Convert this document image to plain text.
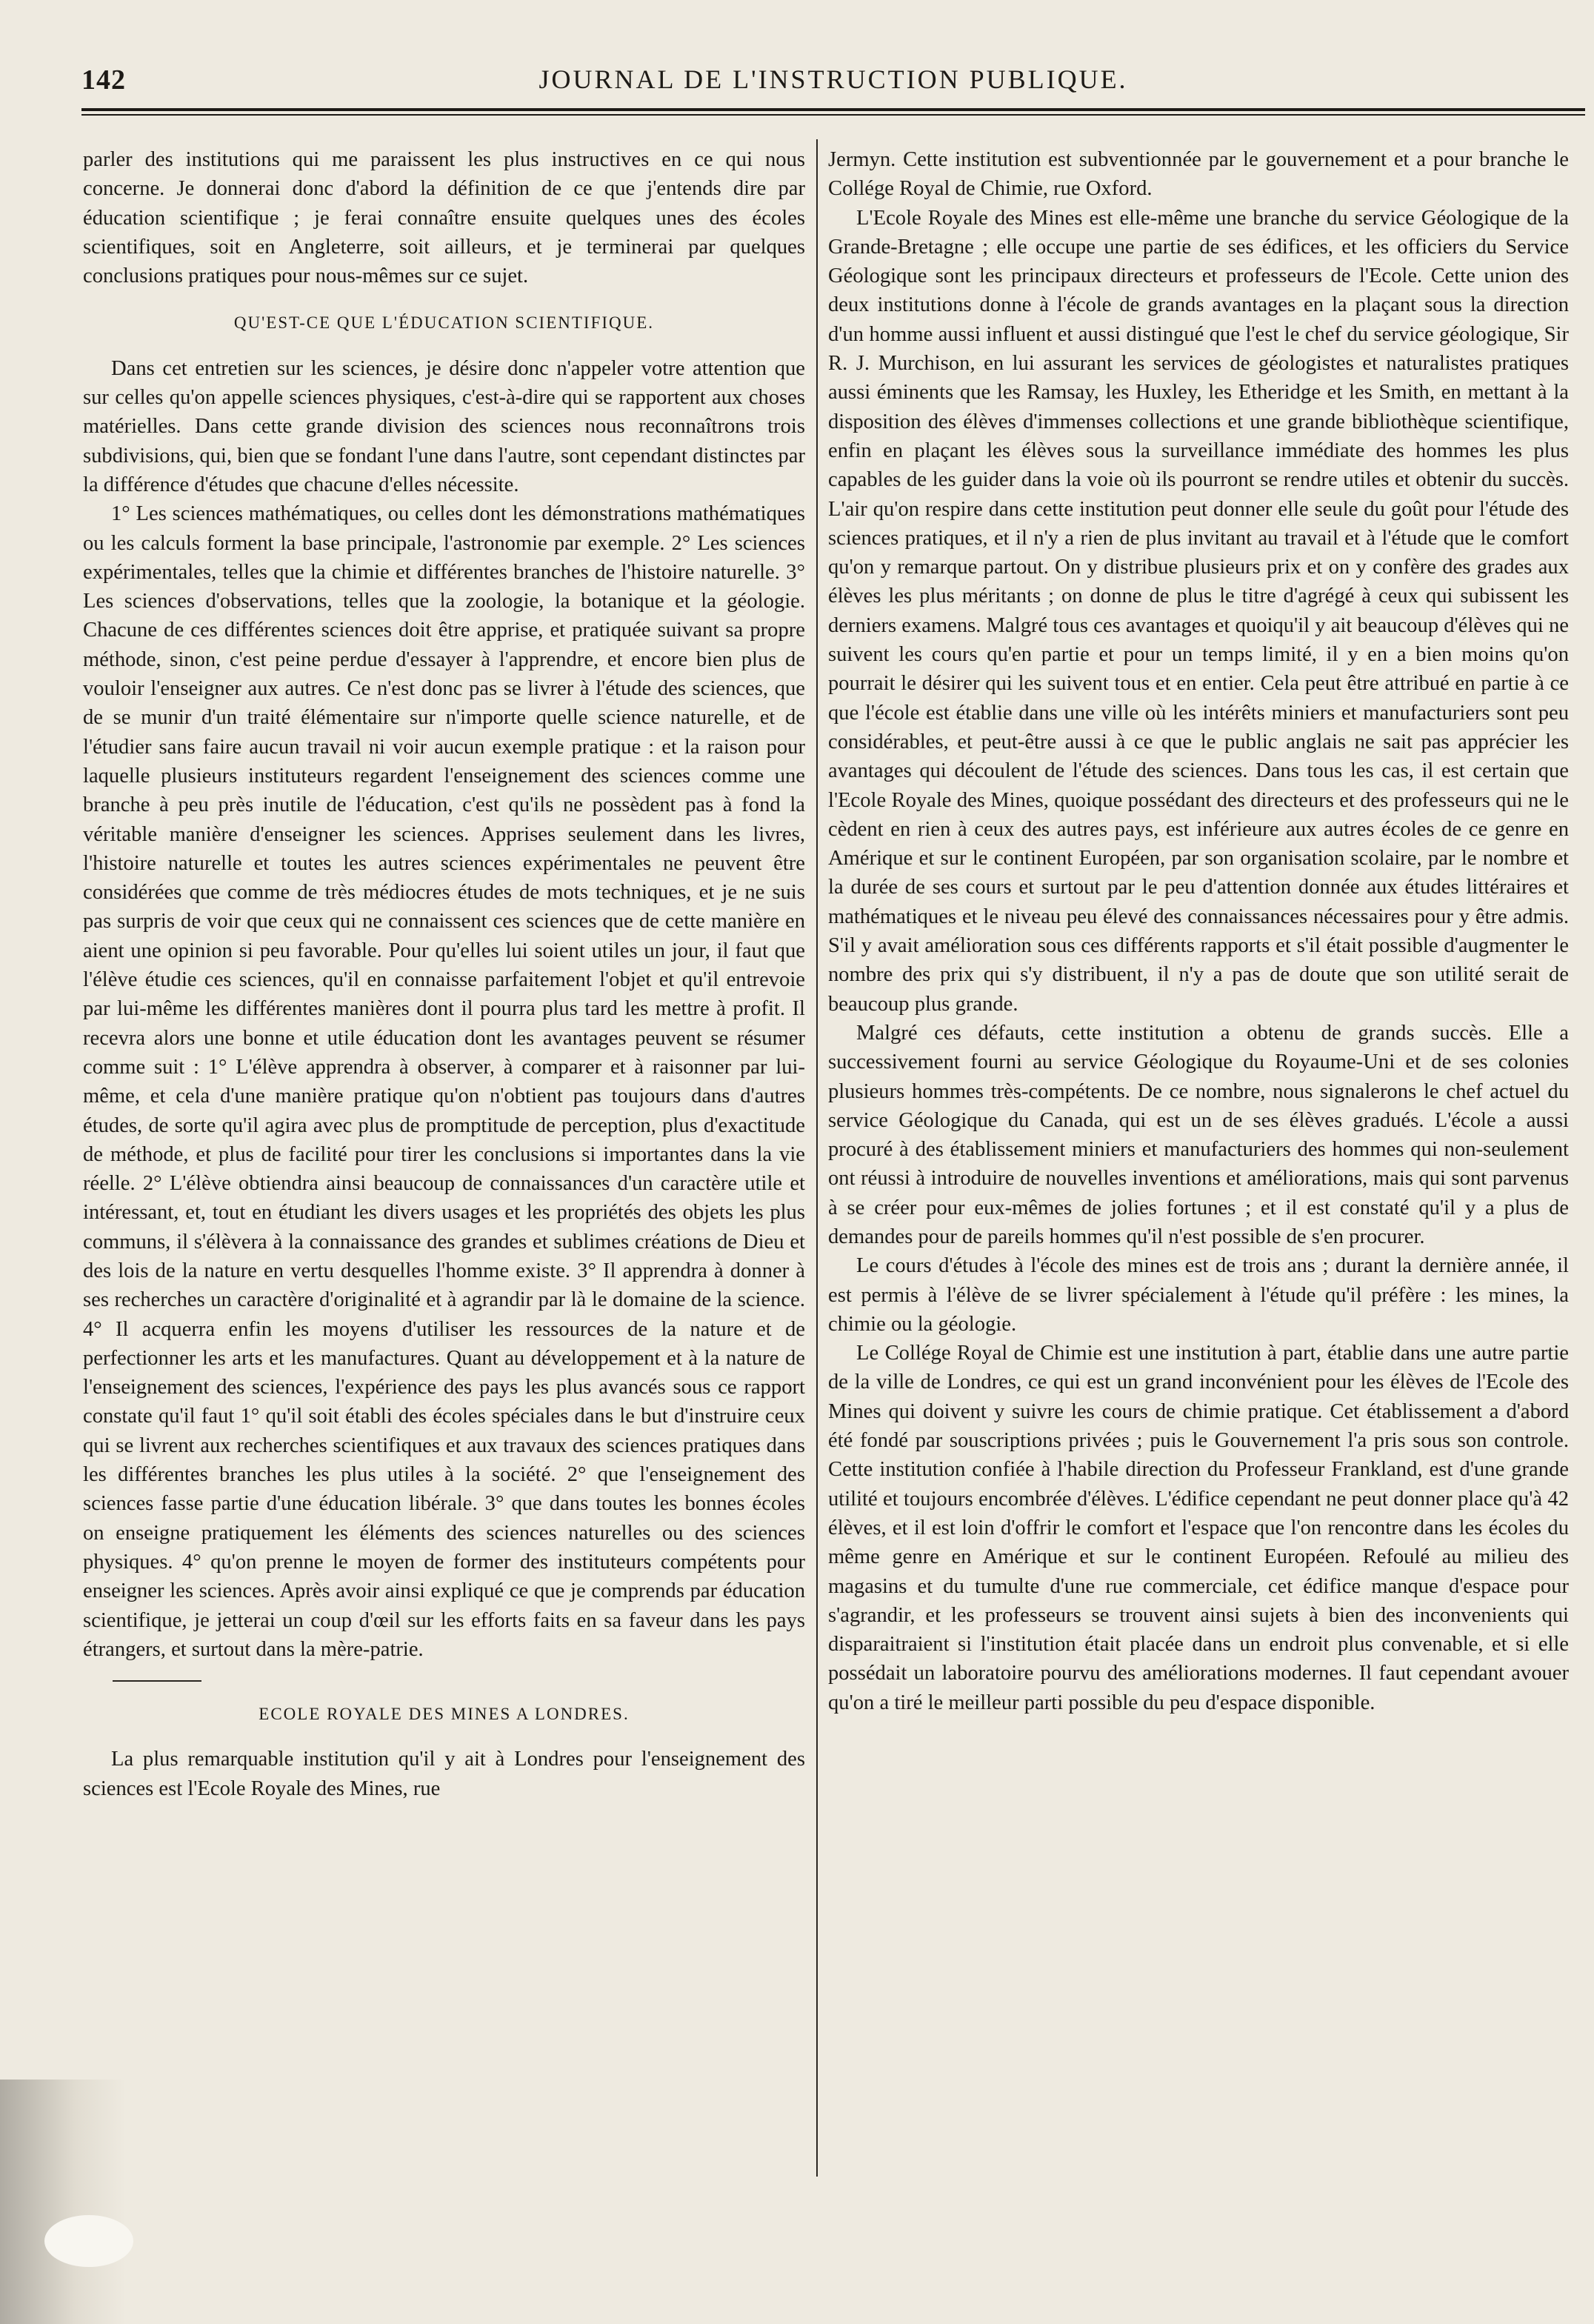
142	JOURNAL DE L'INSTRUCTION PUBLIQUE.

parler des institutions qui me paraissent les plus instructives en ce qui nous concerne. Je donnerai donc d'abord la définition de ce que j'entends dire par éducation scientifique ; je ferai connaître ensuite quelques unes des écoles scientifiques, soit en Angleterre, soit ailleurs, et je terminerai par quelques conclusions pratiques pour nous-mêmes sur ce sujet.

QU'EST-CE QUE L'ÉDUCATION SCIENTIFIQUE.

Dans cet entretien sur les sciences, je désire donc n'appeler votre attention que sur celles qu'on appelle sciences physiques, c'est-à-dire qui se rapportent aux choses matérielles. Dans cette grande division des sciences nous reconnaîtrons trois subdivisions, qui, bien que se fondant l'une dans l'autre, sont cependant distinctes par la différence d'études que chacune d'elles nécessite.

1° Les sciences mathématiques, ou celles dont les démonstrations mathématiques ou les calculs forment la base principale, l'astronomie par exemple. 2° Les sciences expérimentales, telles que la chimie et différentes branches de l'histoire naturelle. 3° Les sciences d'observations, telles que la zoologie, la botanique et la géologie. Chacune de ces différentes sciences doit être apprise, et pratiquée suivant sa propre méthode, sinon, c'est peine perdue d'essayer à l'apprendre, et encore bien plus de vouloir l'enseigner aux autres. Ce n'est donc pas se livrer à l'étude des sciences, que de se munir d'un traité élémentaire sur n'importe quelle science naturelle, et de l'étudier sans faire aucun travail ni voir aucun exemple pratique : et la raison pour laquelle plusieurs instituteurs regardent l'enseignement des sciences comme une branche à peu près inutile de l'éducation, c'est qu'ils ne possèdent pas à fond la véritable manière d'enseigner les sciences. Apprises seulement dans les livres, l'histoire naturelle et toutes les autres sciences expérimentales ne peuvent être considérées que comme de très médiocres études de mots techniques, et je ne suis pas surpris de voir que ceux qui ne connaissent ces sciences que de cette manière en aient une opinion si peu favorable. Pour qu'elles lui soient utiles un jour, il faut que l'élève étudie ces sciences, qu'il en connaisse parfaitement l'objet et qu'il entrevoie par lui-même les différentes manières dont il pourra plus tard les mettre à profit. Il recevra alors une bonne et utile éducation dont les avantages peuvent se résumer comme suit : 1° L'élève apprendra à observer, à comparer et à raisonner par lui-même, et cela d'une manière pratique qu'on n'obtient pas toujours dans d'autres études, de sorte qu'il agira avec plus de promptitude de perception, plus d'exactitude de méthode, et plus de facilité pour tirer les conclusions si importantes dans la vie réelle. 2° L'élève obtiendra ainsi beaucoup de connaissances d'un caractère utile et intéressant, et, tout en étudiant les divers usages et les propriétés des objets les plus communs, il s'élèvera à la connaissance des grandes et sublimes créations de Dieu et des lois de la nature en vertu desquelles l'homme existe. 3° Il apprendra à donner à ses recherches un caractère d'originalité et à agrandir par là le domaine de la science. 4° Il acquerra enfin les moyens d'utiliser les ressources de la nature et de perfectionner les arts et les manufactures. Quant au développement et à la nature de l'enseignement des sciences, l'expérience des pays les plus avancés sous ce rapport constate qu'il faut 1° qu'il soit établi des écoles spéciales dans le but d'instruire ceux qui se livrent aux recherches scientifiques et aux travaux des sciences pratiques dans les différentes branches les plus utiles à la société. 2° que l'enseignement des sciences fasse partie d'une éducation libérale. 3° que dans toutes les bonnes écoles on enseigne pratiquement les éléments des sciences naturelles ou des sciences physiques. 4° qu'on prenne le moyen de former des instituteurs compétents pour enseigner les sciences. Après avoir ainsi expliqué ce que je comprends par éducation scientifique, je jetterai un coup d'œil sur les efforts faits en sa faveur dans les pays étrangers, et surtout dans la mère-patrie.

ECOLE ROYALE DES MINES A LONDRES.

La plus remarquable institution qu'il y ait à Londres pour l'enseignement des sciences est l'Ecole Royale des Mines, rue

Jermyn. Cette institution est subventionnée par le gouvernement et a pour branche le Collége Royal de Chimie, rue Oxford.

L'Ecole Royale des Mines est elle-même une branche du service Géologique de la Grande-Bretagne ; elle occupe une partie de ses édifices, et les officiers du Service Géologique sont les principaux directeurs et professeurs de l'Ecole. Cette union des deux institutions donne à l'école de grands avantages en la plaçant sous la direction d'un homme aussi influent et aussi distingué que l'est le chef du service géologique, Sir R. J. Murchison, en lui assurant les services de géologistes et naturalistes pratiques aussi éminents que les Ramsay, les Huxley, les Etheridge et les Smith, en mettant à la disposition des élèves d'immenses collections et une grande bibliothèque scientifique, enfin en plaçant les élèves sous la surveillance immédiate des hommes les plus capables de les guider dans la voie où ils pourront se rendre utiles et obtenir du succès. L'air qu'on respire dans cette institution peut donner elle seule du goût pour l'étude des sciences pratiques, et il n'y a rien de plus invitant au travail et à l'étude que le comfort qu'on y remarque partout. On y distribue plusieurs prix et on y confère des grades aux élèves les plus méritants ; on donne de plus le titre d'agrégé à ceux qui subissent les derniers examens. Malgré tous ces avantages et quoiqu'il y ait beaucoup d'élèves qui ne suivent les cours qu'en partie et pour un temps limité, il y en a bien moins qu'on pourrait le désirer qui les suivent tous et en entier. Cela peut être attribué en partie à ce que l'école est établie dans une ville où les intérêts miniers et manufacturiers sont peu considérables, et peut-être aussi à ce que le public anglais ne sait pas apprécier les avantages qui découlent de l'étude des sciences. Dans tous les cas, il est certain que l'Ecole Royale des Mines, quoique possédant des directeurs et des professeurs qui ne le cèdent en rien à ceux des autres pays, est inférieure aux autres écoles de ce genre en Amérique et sur le continent Européen, par son organisation scolaire, par le nombre et la durée de ses cours et surtout par le peu d'attention donnée aux études littéraires et mathématiques et le niveau peu élevé des connaissances nécessaires pour y être admis. S'il y avait amélioration sous ces différents rapports et s'il était possible d'augmenter le nombre des prix qui s'y distribuent, il n'y a pas de doute que son utilité serait de beaucoup plus grande.

Malgré ces défauts, cette institution a obtenu de grands succès. Elle a successivement fourni au service Géologique du Royaume-Uni et de ses colonies plusieurs hommes très-compétents. De ce nombre, nous signalerons le chef actuel du service Géologique du Canada, qui est un de ses élèves gradués. L'école a aussi procuré à des établissement miniers et manufacturiers des hommes qui non-seulement ont réussi à introduire de nouvelles inventions et améliorations, mais qui sont parvenus à se créer pour eux-mêmes de jolies fortunes ; et il est constaté qu'il y a plus de demandes pour de pareils hommes qu'il n'est possible de s'en procurer.

Le cours d'études à l'école des mines est de trois ans ; durant la dernière année, il est permis à l'élève de se livrer spécialement à l'étude qu'il préfère : les mines, la chimie ou la géologie.

Le Collége Royal de Chimie est une institution à part, établie dans une autre partie de la ville de Londres, ce qui est un grand inconvénient pour les élèves de l'Ecole des Mines qui doivent y suivre les cours de chimie pratique. Cet établissement a d'abord été fondé par souscriptions privées ; puis le Gouvernement l'a pris sous son controle. Cette institution confiée à l'habile direction du Professeur Frankland, est d'une grande utilité et toujours encombrée d'élèves. L'édifice cependant ne peut donner place qu'à 42 élèves, et il est loin d'offrir le comfort et l'espace que l'on rencontre dans les écoles du même genre en Amérique et sur le continent Européen. Refoulé au milieu des magasins et du tumulte d'une rue commerciale, cet édifice manque d'espace pour s'agrandir, et les professeurs se trouvent ainsi sujets à bien des inconvenients qui disparaitraient si l'institution était placée dans un endroit plus convenable, et si elle possédait un laboratoire pourvu des améliorations modernes. Il faut cependant avouer qu'on a tiré le meilleur parti possible du peu d'espace disponible.
